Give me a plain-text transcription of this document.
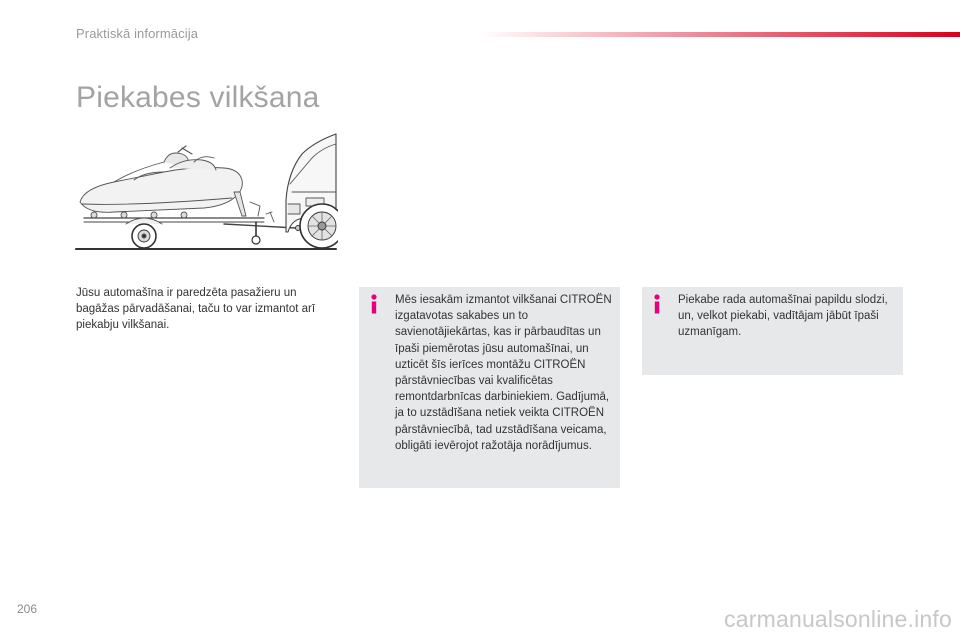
Praktiskā informācija
Piekabes vilkšana
Jūsu automašīna ir paredzēta pasažieru un bagāžas pārvadāšanai, taču to var izmantot arī piekabju vilkšanai.
Mēs iesakām izmantot vilkšanai CITROËN izgatavotas sakabes un to savienotājiekārtas, kas ir pārbaudītas un īpaši piemērotas jūsu automašīnai, un uzticēt šīs ierīces montāžu CITROËN pārstāvniecības vai kvalificētas remontdarbnīcas darbiniekiem. Gadījumā, ja to uzstādīšana netiek veikta CITROËN pārstāvniecībā, tad uzstādīšana veicama, obligāti ievērojot ražotāja norādījumus.
Piekabe rada automašīnai papildu slodzi, un, velkot piekabi, vadītājam jābūt īpaši uzmanīgam.
206	carmanualsonline.info
